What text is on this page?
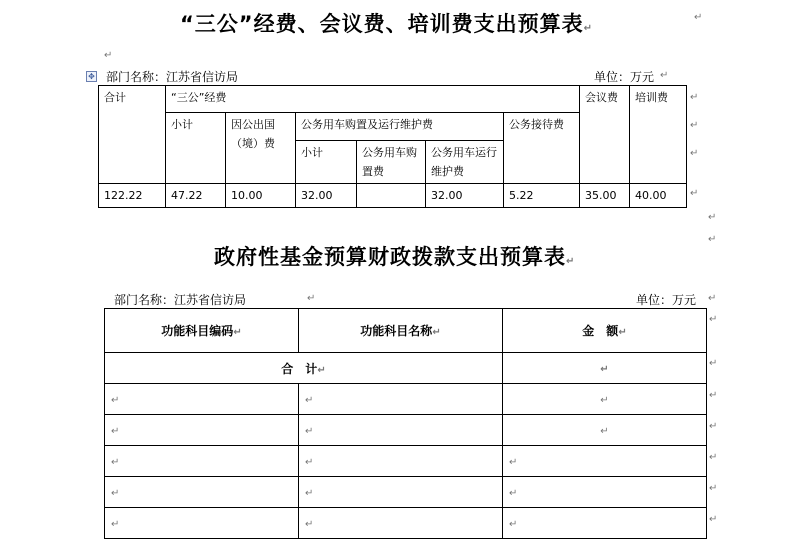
“三公”经费、会议费、培训费支出预算表↵
↵
↵
✥ 部门名称：江苏省信访局	单位：万元 ↵
合计	“三公”经费						会议费	培训费
	小计	因公出国（境）费	公务用车购置及运行维护费			公务接待费		
			小计	公务用车购置费	公务用车运行维护费			
122.22	47.22	10.00	32.00		32.00	5.22	35.00	40.00
↵
↵
↵
↵
↵
↵
政府性基金预算财政拨款支出预算表↵
部门名称：江苏省信访局	↵	单位：万元 ↵
功能科目编码↵	功能科目名称↵	金　额↵
合　计↵		↵
↵	↵	↵
↵	↵	↵
↵	↵	↵
↵	↵	↵
↵	↵	↵
↵
↵
↵
↵
↵
↵
↵
